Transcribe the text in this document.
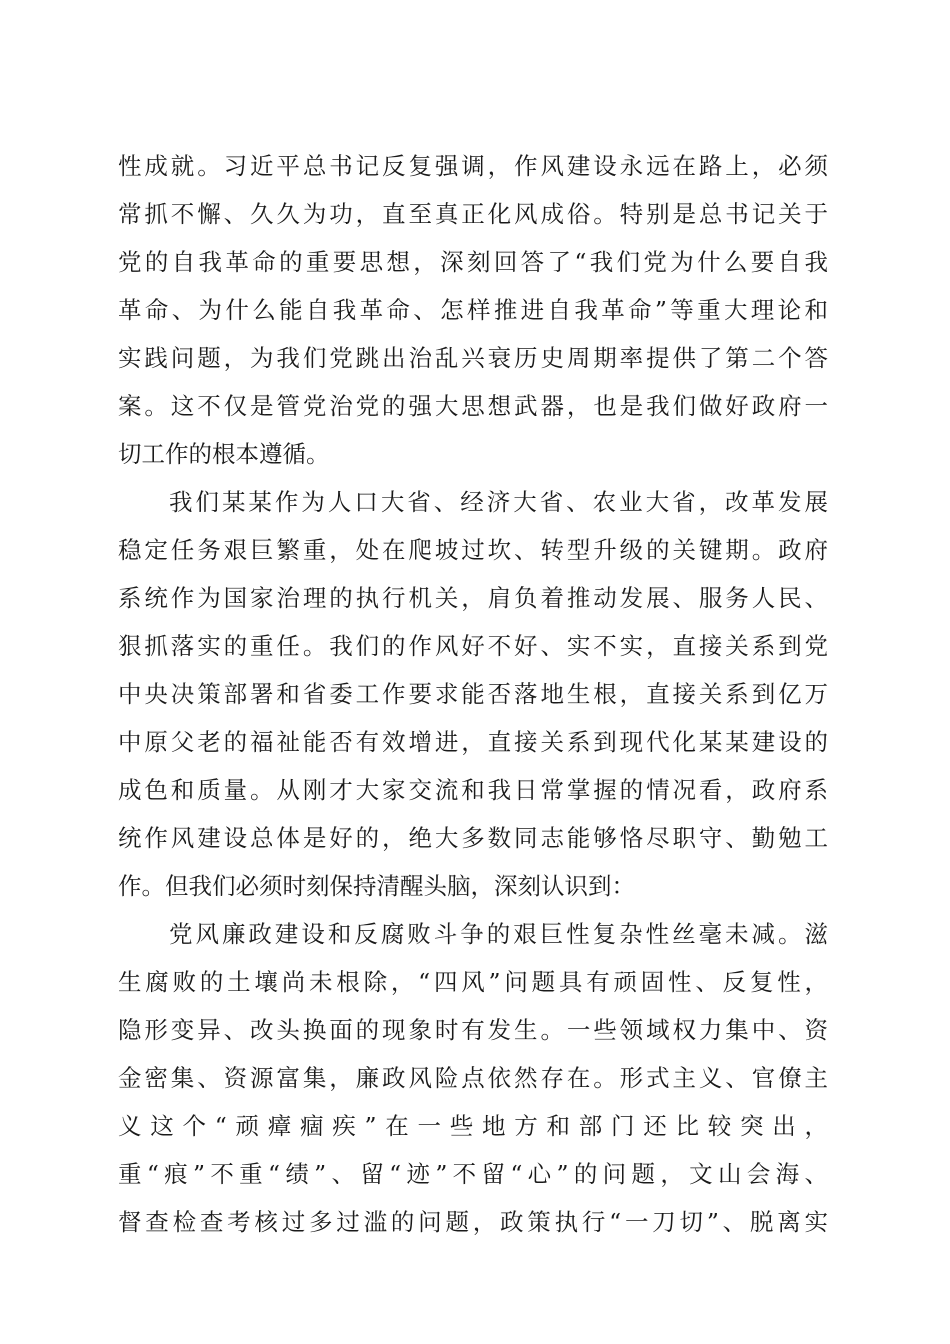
性成就。习近平总书记反复强调，作风建设永远在路上，必须
常抓不懈、久久为功，直至真正化风成俗。特别是总书记关于
党的自我革命的重要思想，深刻回答了“我们党为什么要自我
革命、为什么能自我革命、怎样推进自我革命”等重大理论和
实践问题，为我们党跳出治乱兴衰历史周期率提供了第二个答
案。这不仅是管党治党的强大思想武器，也是我们做好政府一
切工作的根本遵循。
我们某某作为人口大省、经济大省、农业大省，改革发展
稳定任务艰巨繁重，处在爬坡过坎、转型升级的关键期。政府
系统作为国家治理的执行机关，肩负着推动发展、服务人民、
狠抓落实的重任。我们的作风好不好、实不实，直接关系到党
中央决策部署和省委工作要求能否落地生根，直接关系到亿万
中原父老的福祉能否有效增进，直接关系到现代化某某建设的
成色和质量。从刚才大家交流和我日常掌握的情况看，政府系
统作风建设总体是好的，绝大多数同志能够恪尽职守、勤勉工
作。但我们必须时刻保持清醒头脑，深刻认识到：
党风廉政建设和反腐败斗争的艰巨性复杂性丝毫未减。滋
生腐败的土壤尚未根除，“四风”问题具有顽固性、反复性，
隐形变异、改头换面的现象时有发生。一些领域权力集中、资
金密集、资源富集，廉政风险点依然存在。形式主义、官僚主
义这个“顽瘴痼疾”在一些地方和部门还比较突出，
重“痕”不重“绩”、留“迹”不留“心”的问题，文山会海、
督查检查考核过多过滥的问题，政策执行“一刀切”、脱离实
